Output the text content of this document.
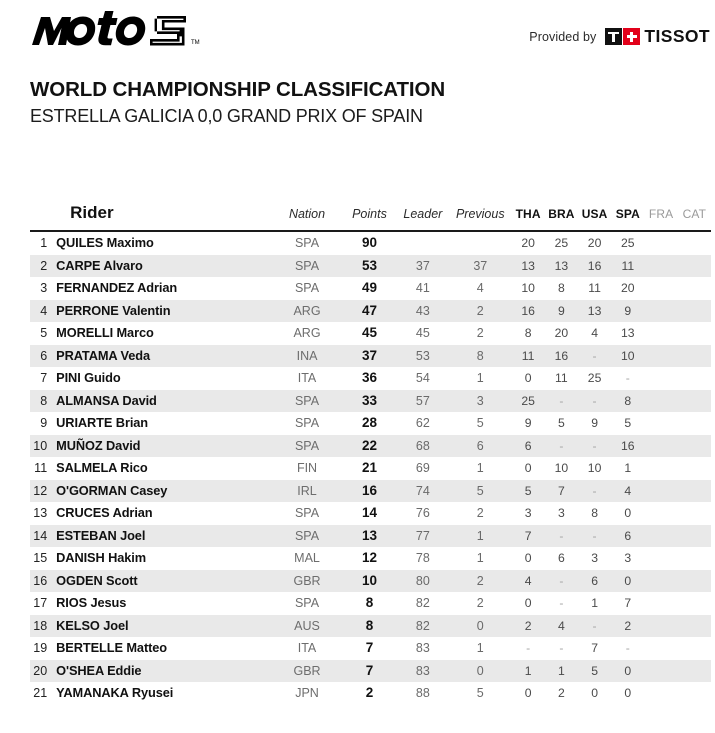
TM	Provided by	TISSOT
WORLD CHAMPIONSHIP CLASSIFICATION
ESTRELLA GALICIA 0,0 GRAND PRIX OF SPAIN
	Rider	Nation	Points	Leader	Previous	THA	BRA	USA	SPA	FRA	CAT
1	QUILES Maximo	SPA	90			20	25	20	25		
2	CARPE Alvaro	SPA	53	37	37	13	13	16	11		
3	FERNANDEZ Adrian	SPA	49	41	4	10	8	11	20		
4	PERRONE Valentin	ARG	47	43	2	16	9	13	9		
5	MORELLI Marco	ARG	45	45	2	8	20	4	13		
6	PRATAMA Veda	INA	37	53	8	11	16	-	10		
7	PINI Guido	ITA	36	54	1	0	11	25	-		
8	ALMANSA David	SPA	33	57	3	25	-	-	8		
9	URIARTE Brian	SPA	28	62	5	9	5	9	5		
10	MUÑOZ David	SPA	22	68	6	6	-	-	16		
11	SALMELA Rico	FIN	21	69	1	0	10	10	1		
12	O'GORMAN Casey	IRL	16	74	5	5	7	-	4		
13	CRUCES Adrian	SPA	14	76	2	3	3	8	0		
14	ESTEBAN Joel	SPA	13	77	1	7	-	-	6		
15	DANISH Hakim	MAL	12	78	1	0	6	3	3		
16	OGDEN Scott	GBR	10	80	2	4	-	6	0		
17	RIOS Jesus	SPA	8	82	2	0	-	1	7		
18	KELSO Joel	AUS	8	82	0	2	4	-	2		
19	BERTELLE Matteo	ITA	7	83	1	-	-	7	-		
20	O'SHEA Eddie	GBR	7	83	0	1	1	5	0		
21	YAMANAKA Ryusei	JPN	2	88	5	0	2	0	0		
